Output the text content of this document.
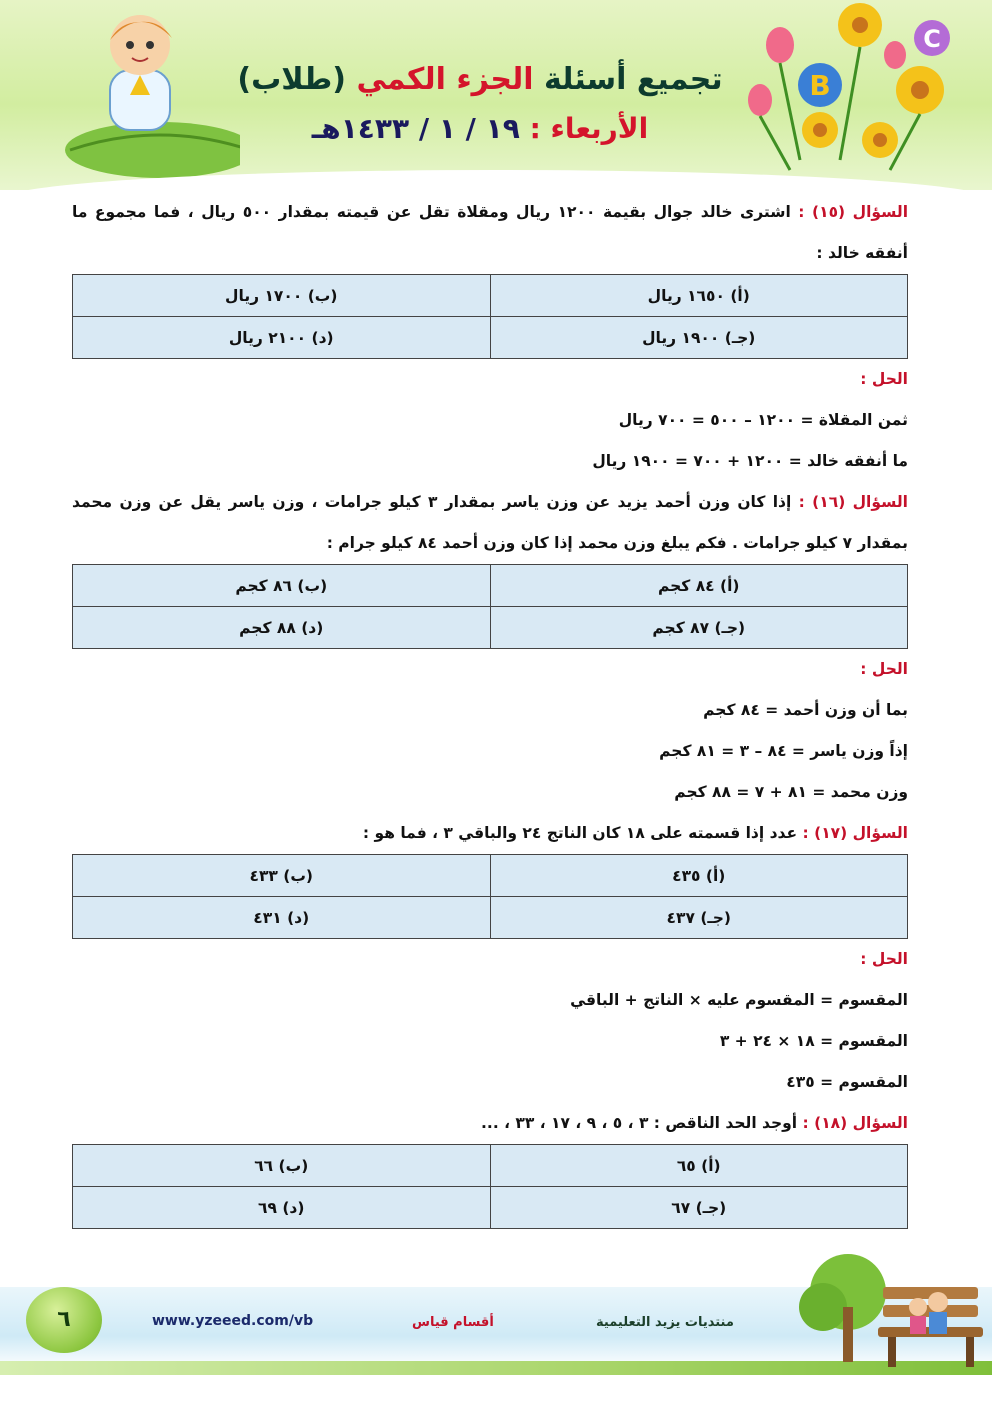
تجميع أسئلة الجزء الكمي (طلاب)
الأربعاء : ١٩ / ١ / ١٤٣٣هـ
B
C
السؤال (١٥) : اشترى خالد جوال بقيمة ١٢٠٠ ريال ومقلاة تقل عن قيمته بمقدار ٥٠٠ ريال ، فما مجموع ما أنفقه خالد :
(أ) ١٦٥٠ ريال	(ب) ١٧٠٠ ريال
(جـ) ١٩٠٠ ريال	(د) ٢١٠٠ ريال
الحل :
ثمن المقلاة = ١٢٠٠ – ٥٠٠ = ٧٠٠ ريال
ما أنفقه خالد = ١٢٠٠ + ٧٠٠ = ١٩٠٠ ريال
السؤال (١٦) : إذا كان وزن أحمد يزيد عن وزن ياسر بمقدار ٣ كيلو جرامات ، وزن ياسر يقل عن وزن محمد بمقدار ٧ كيلو جرامات . فكم يبلغ وزن محمد إذا كان وزن أحمد ٨٤ كيلو جرام :
(أ) ٨٤ كجم	(ب) ٨٦ كجم
(جـ) ٨٧ كجم	(د) ٨٨ كجم
الحل :
بما أن وزن أحمد = ٨٤ كجم
إذاً وزن ياسر = ٨٤ – ٣ = ٨١ كجم
وزن محمد = ٨١ + ٧ = ٨٨ كجم
السؤال (١٧) : عدد إذا قسمته على ١٨ كان الناتج ٢٤ والباقي ٣ ، فما هو :
(أ) ٤٣٥	(ب) ٤٣٣
(جـ) ٤٣٧	(د) ٤٣١
الحل :
المقسوم = المقسوم عليه × الناتج + الباقي
المقسوم = ١٨ × ٢٤ + ٣
المقسوم = ٤٣٥
السؤال (١٨) : أوجد الحد الناقص : ٣ ، ٥ ، ٩ ، ١٧ ، ٣٣ ، ...
(أ) ٦٥	(ب) ٦٦
(جـ) ٦٧	(د) ٦٩
٦	www.yzeeed.com/vb	أقسام قياس	منتديات يزيد التعليمية
